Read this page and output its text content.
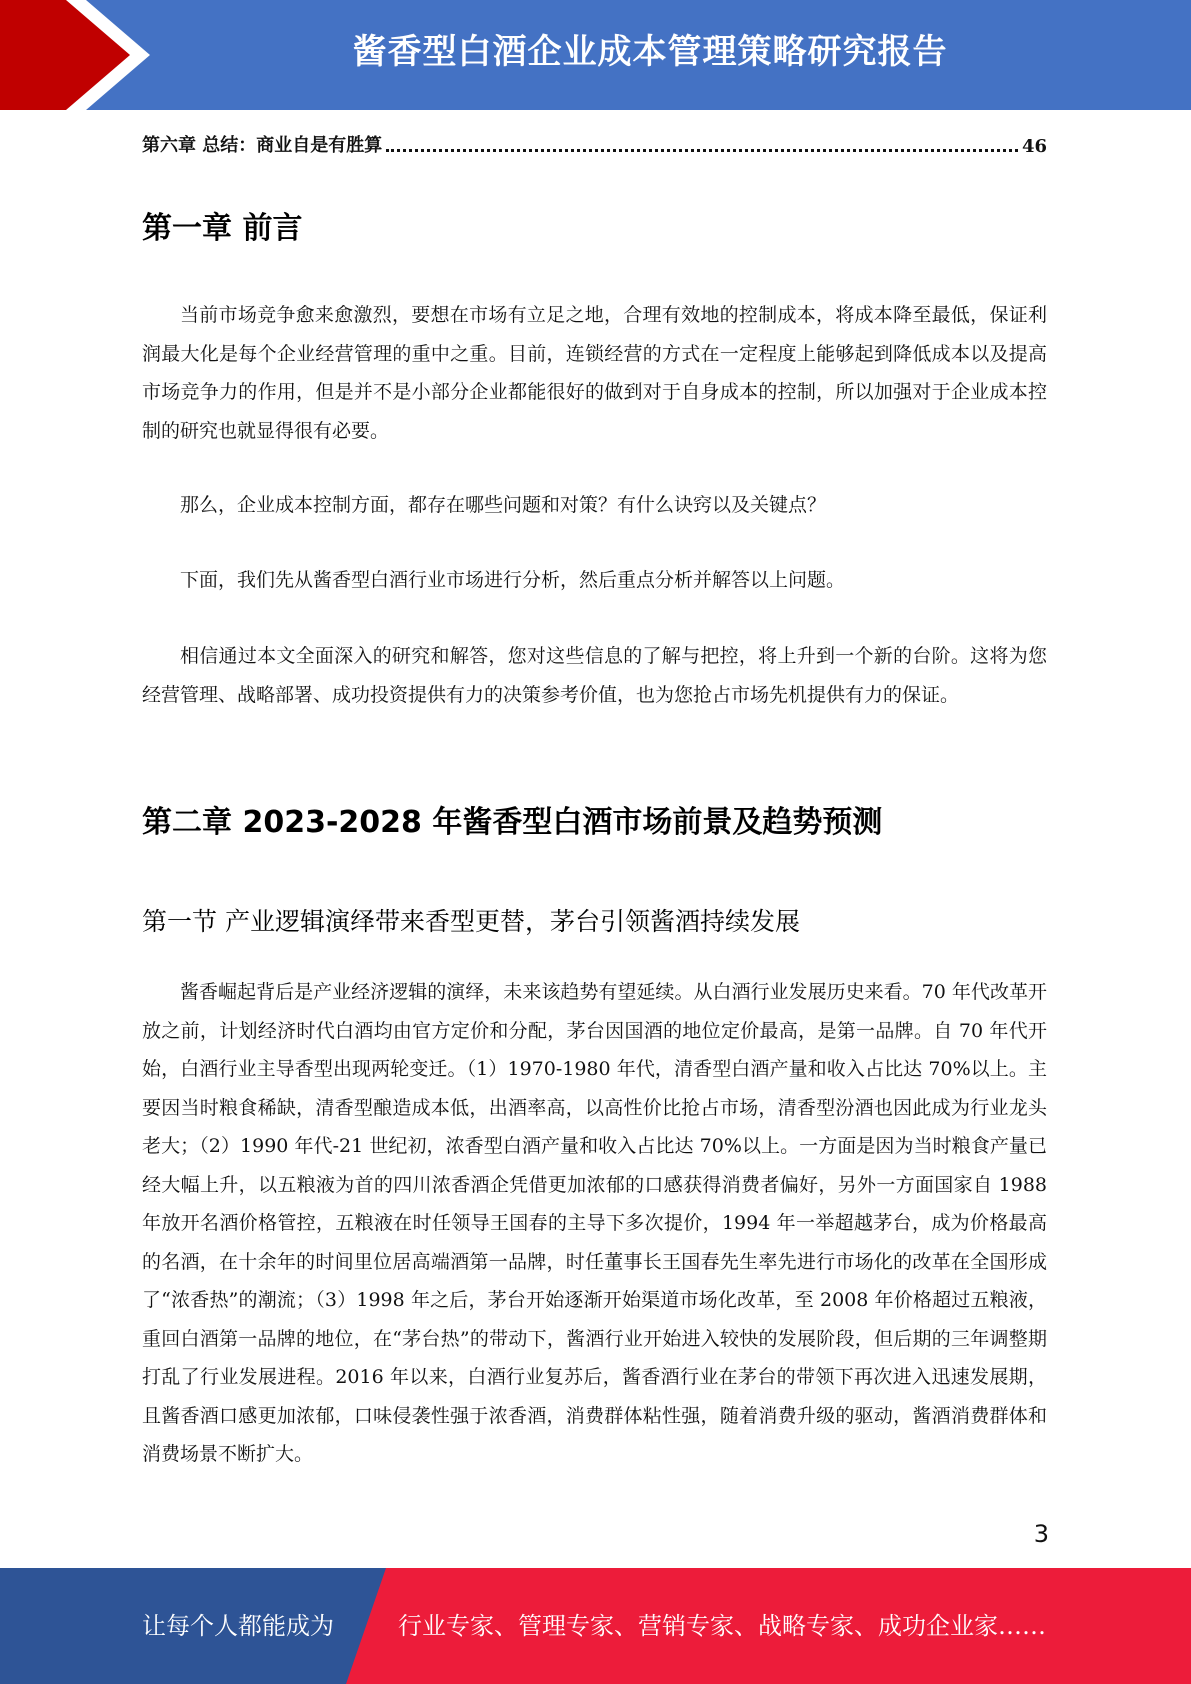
酱香型白酒企业成本管理策略研究报告
第六章 总结：商业自是有胜算	46
第一章 前言

当前市场竞争愈来愈激烈，要想在市场有立足之地，合理有效地的控制成本，将成本降至最低，保证利润最大化是每个企业经营管理的重中之重。目前，连锁经营的方式在一定程度上能够起到降低成本以及提高市场竞争力的作用，但是并不是小部分企业都能很好的做到对于自身成本的控制，所以加强对于企业成本控制的研究也就显得很有必要。

那么，企业成本控制方面，都存在哪些问题和对策？有什么诀窍以及关键点？

下面，我们先从酱香型白酒行业市场进行分析，然后重点分析并解答以上问题。

相信通过本文全面深入的研究和解答，您对这些信息的了解与把控，将上升到一个新的台阶。这将为您经营管理、战略部署、成功投资提供有力的决策参考价值，也为您抢占市场先机提供有力的保证。

第二章 2023-2028 年酱香型白酒市场前景及趋势预测
第一节 产业逻辑演绎带来香型更替，茅台引领酱酒持续发展

酱香崛起背后是产业经济逻辑的演绎，未来该趋势有望延续。从白酒行业发展历史来看。70 年代改革开放之前，计划经济时代白酒均由官方定价和分配，茅台因国酒的地位定价最高，是第一品牌。自 70 年代开始，白酒行业主导香型出现两轮变迁。（1）1970-1980 年代，清香型白酒产量和收入占比达 70%以上。主要因当时粮食稀缺，清香型酿造成本低，出酒率高，以高性价比抢占市场，清香型汾酒也因此成为行业龙头老大；（2）1990 年代-21 世纪初，浓香型白酒产量和收入占比达 70%以上。一方面是因为当时粮食产量已经大幅上升，以五粮液为首的四川浓香酒企凭借更加浓郁的口感获得消费者偏好，另外一方面国家自 1988 年放开名酒价格管控，五粮液在时任领导王国春的主导下多次提价，1994 年一举超越茅台，成为价格最高的名酒，在十余年的时间里位居高端酒第一品牌，时任董事长王国春先生率先进行市场化的改革在全国形成了“浓香热”的潮流；（3）1998 年之后，茅台开始逐渐开始渠道市场化改革，至 2008 年价格超过五粮液，重回白酒第一品牌的地位，在“茅台热”的带动下，酱酒行业开始进入较快的发展阶段，但后期的三年调整期打乱了行业发展进程。2016 年以来，白酒行业复苏后，酱香酒行业在茅台的带领下再次进入迅速发展期，且酱香酒口感更加浓郁，口味侵袭性强于浓香酒，消费群体粘性强，随着消费升级的驱动，酱酒消费群体和消费场景不断扩大。

3
让每个人都能成为	行业专家、管理专家、营销专家、战略专家、成功企业家……
